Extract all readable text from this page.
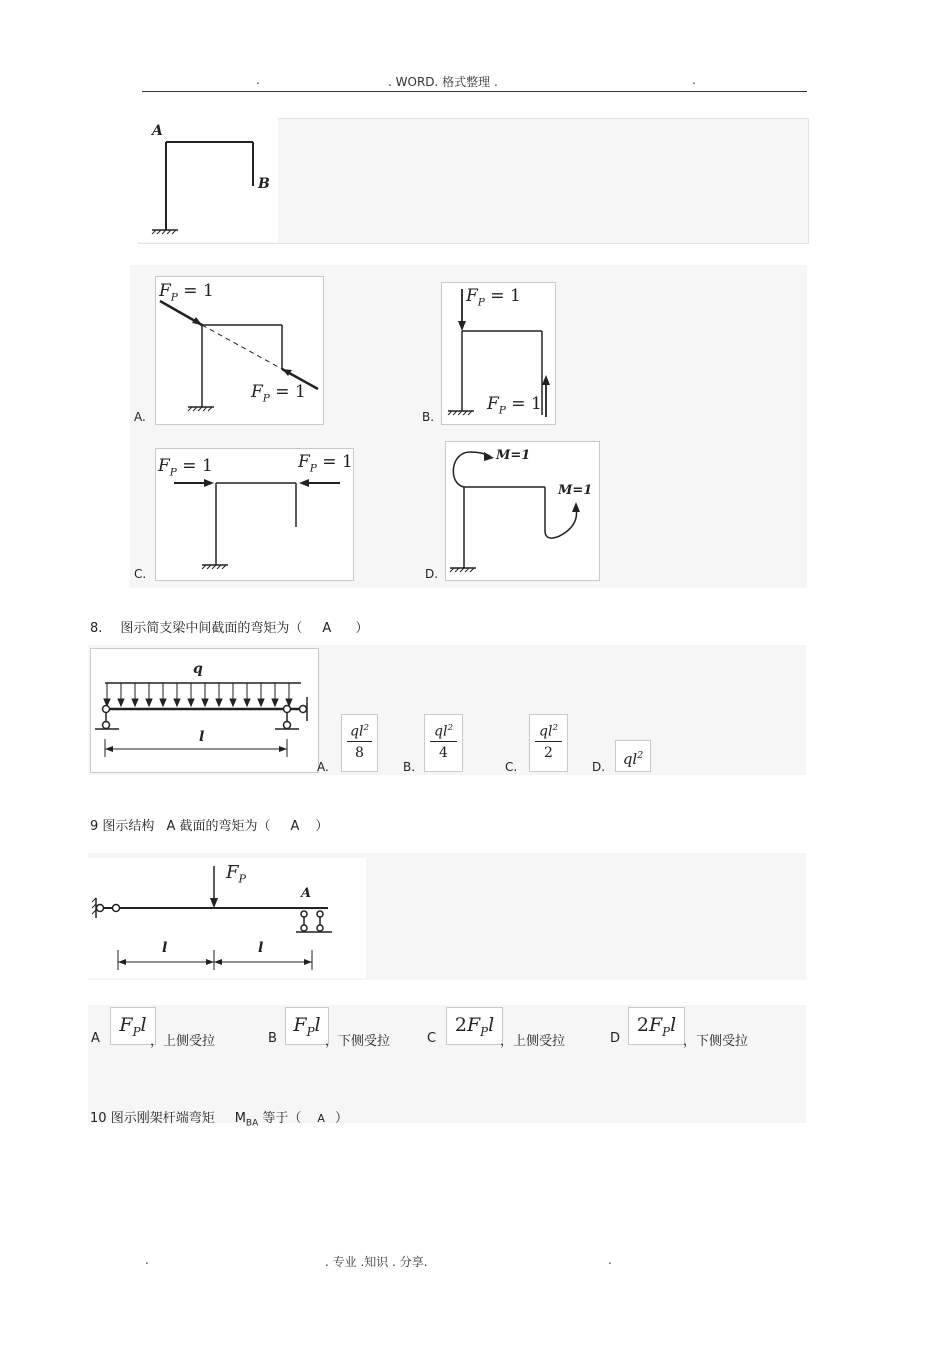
.	. WORD. 格式整理 .	.
A
B
A.
$F_P = 1$
$F_P = 1$
B.
$F_P = 1$
$F_P = 1$
C.
$F_P = 1$	$F_P = 1$
D.
M=1
M=1
8. 图示简支梁中间截面的弯矩为（ A ）
q
l
A. $\frac{ql^2}{8} B$. $\frac{ql^2}{4}$	C. $\frac{ql^2}{2} D$.	$ql^2$
9 图示结构 A 截面的弯矩为（ A ）
$F_P$
A
l	l
A
$F_Pl$
，上侧受拉	B
$F_Pl$
，下侧受拉	C
$2F_Pl$
，上侧受拉	D
$2F_Pl$
，下侧受拉
10 图示刚架杆端弯矩 $M_{BA}$ 等于（ A ）
.	. 专业 .知识 . 分享.	.
